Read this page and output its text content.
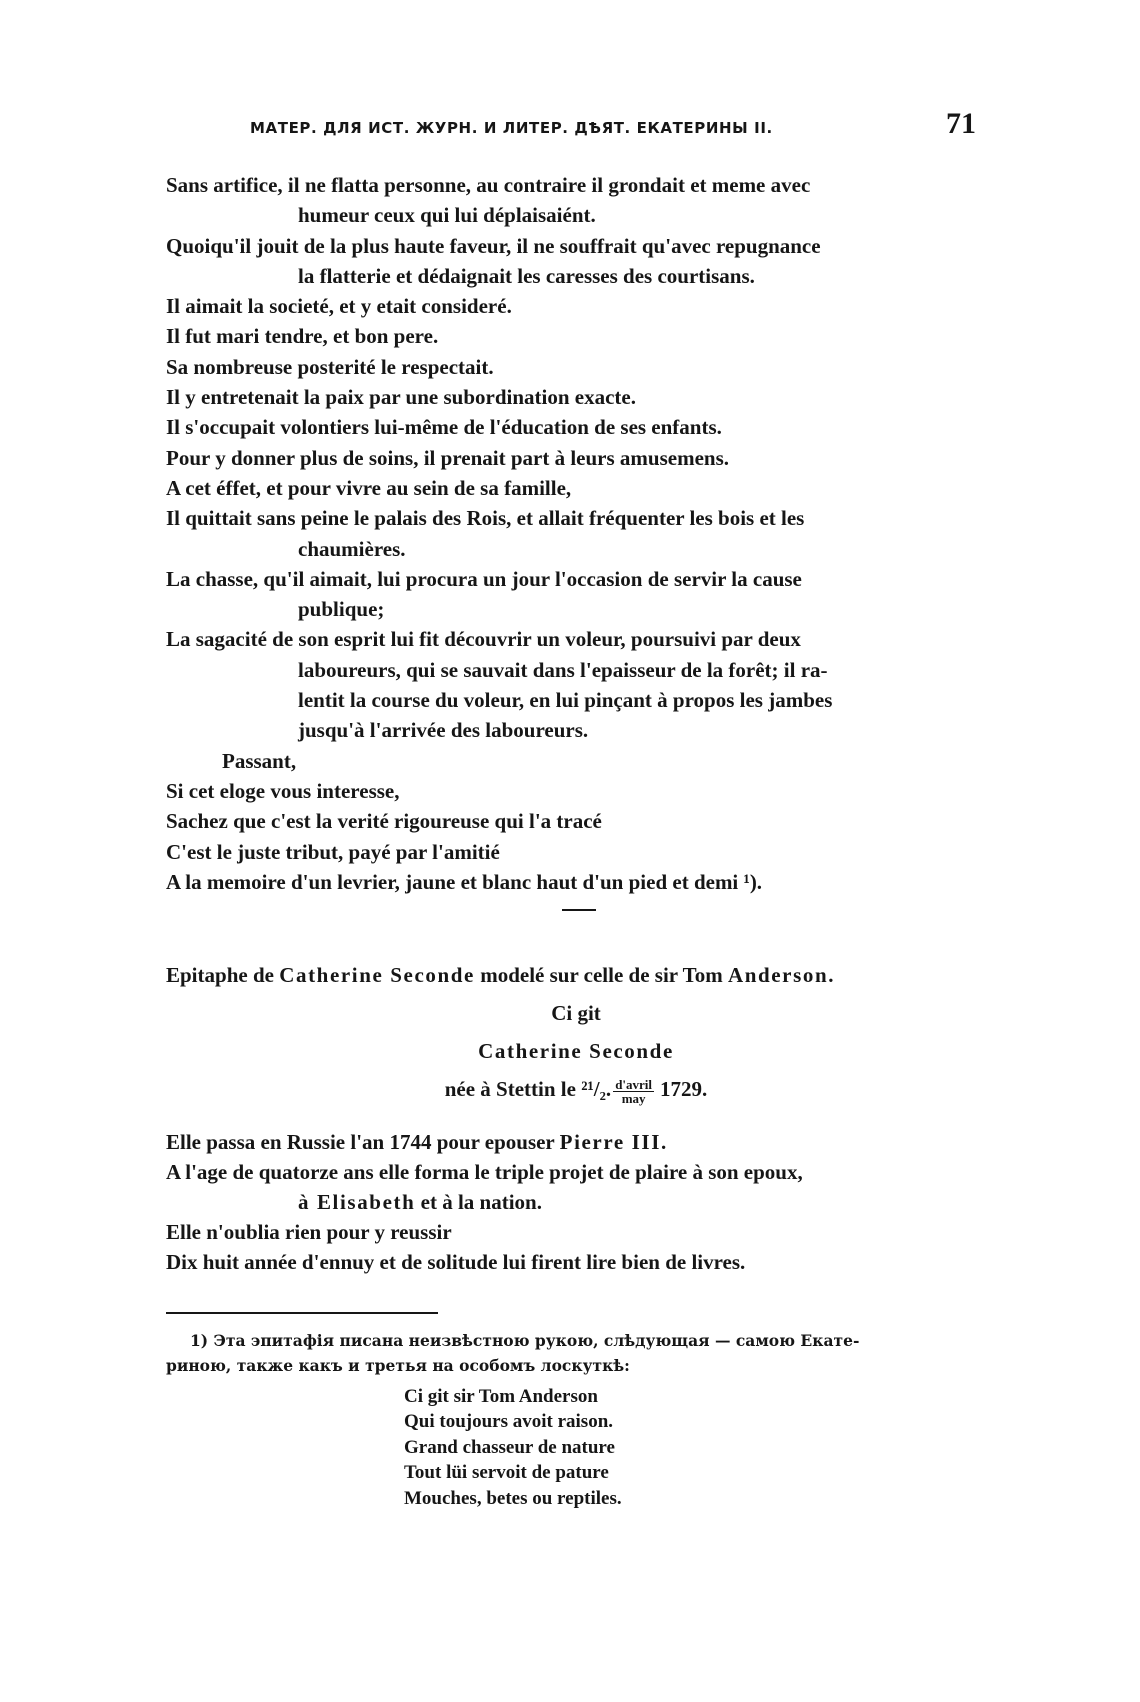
МАТЕР. ДЛЯ ИСТ. ЖУРН. И ЛИТЕР. ДѢЯТ. ЕКАТЕРИНЫ II.	71

Sans artifice, il ne flatta personne, au contraire il grondait et meme avec

humeur ceux qui lui déplaisaiént.

Quoiqu'il jouit de la plus haute faveur, il ne souffrait qu'avec repugnance

la flatterie et dédaignait les caresses des courtisans.

Il aimait la societé, et y etait consideré.

Il fut mari tendre, et bon pere.

Sa nombreuse posterité le respectait.

Il y entretenait la paix par une subordination exacte.

Il s'occupait volontiers lui-même de l'éducation de ses enfants.

Pour y donner plus de soins, il prenait part à leurs amusemens.

A cet éffet, et pour vivre au sein de sa famille,

Il quittait sans peine le palais des Rois, et allait fréquenter les bois et les

chaumières.

La chasse, qu'il aimait, lui procura un jour l'occasion de servir la cause

publique;

La sagacité de son esprit lui fit découvrir un voleur, poursuivi par deux

laboureurs, qui se sauvait dans l'epaisseur de la forêt; il ra-

lentit la course du voleur, en lui pinçant à propos les jambes

jusqu'à l'arrivée des laboureurs.

Passant,

Si cet eloge vous interesse,

Sachez que c'est la verité rigoureuse qui l'a tracé

C'est le juste tribut, payé par l'amitié

A la memoire d'un levrier, jaune et blanc haut d'un pied et demi ¹).

Epitaphe de Catherine Seconde modelé sur celle de sir Tom Anderson.

Ci git

Catherine Seconde

née à Stettin le ²¹/₂. $\frac{\text{d'avril}}{\text{may}} 1729$.

Elle passa en Russie l'an 1744 pour epouser Pierre III.

A l'age de quatorze ans elle forma le triple projet de plaire à son epoux,

à Elisabeth et à la nation.

Elle n'oublia rien pour y reussir

Dix huit année d'ennuy et de solitude lui firent lire bien de livres.

1) Эта эпитафія писана неизвѣстною рукою, слѣдующая — самою Екате-

риною, также какъ и третья на особомъ лоскуткѣ:

Ci git sir Tom Anderson

Qui toujours avoit raison.

Grand chasseur de nature

Tout lüi servoit de pature

Mouches, betes ou reptiles.
